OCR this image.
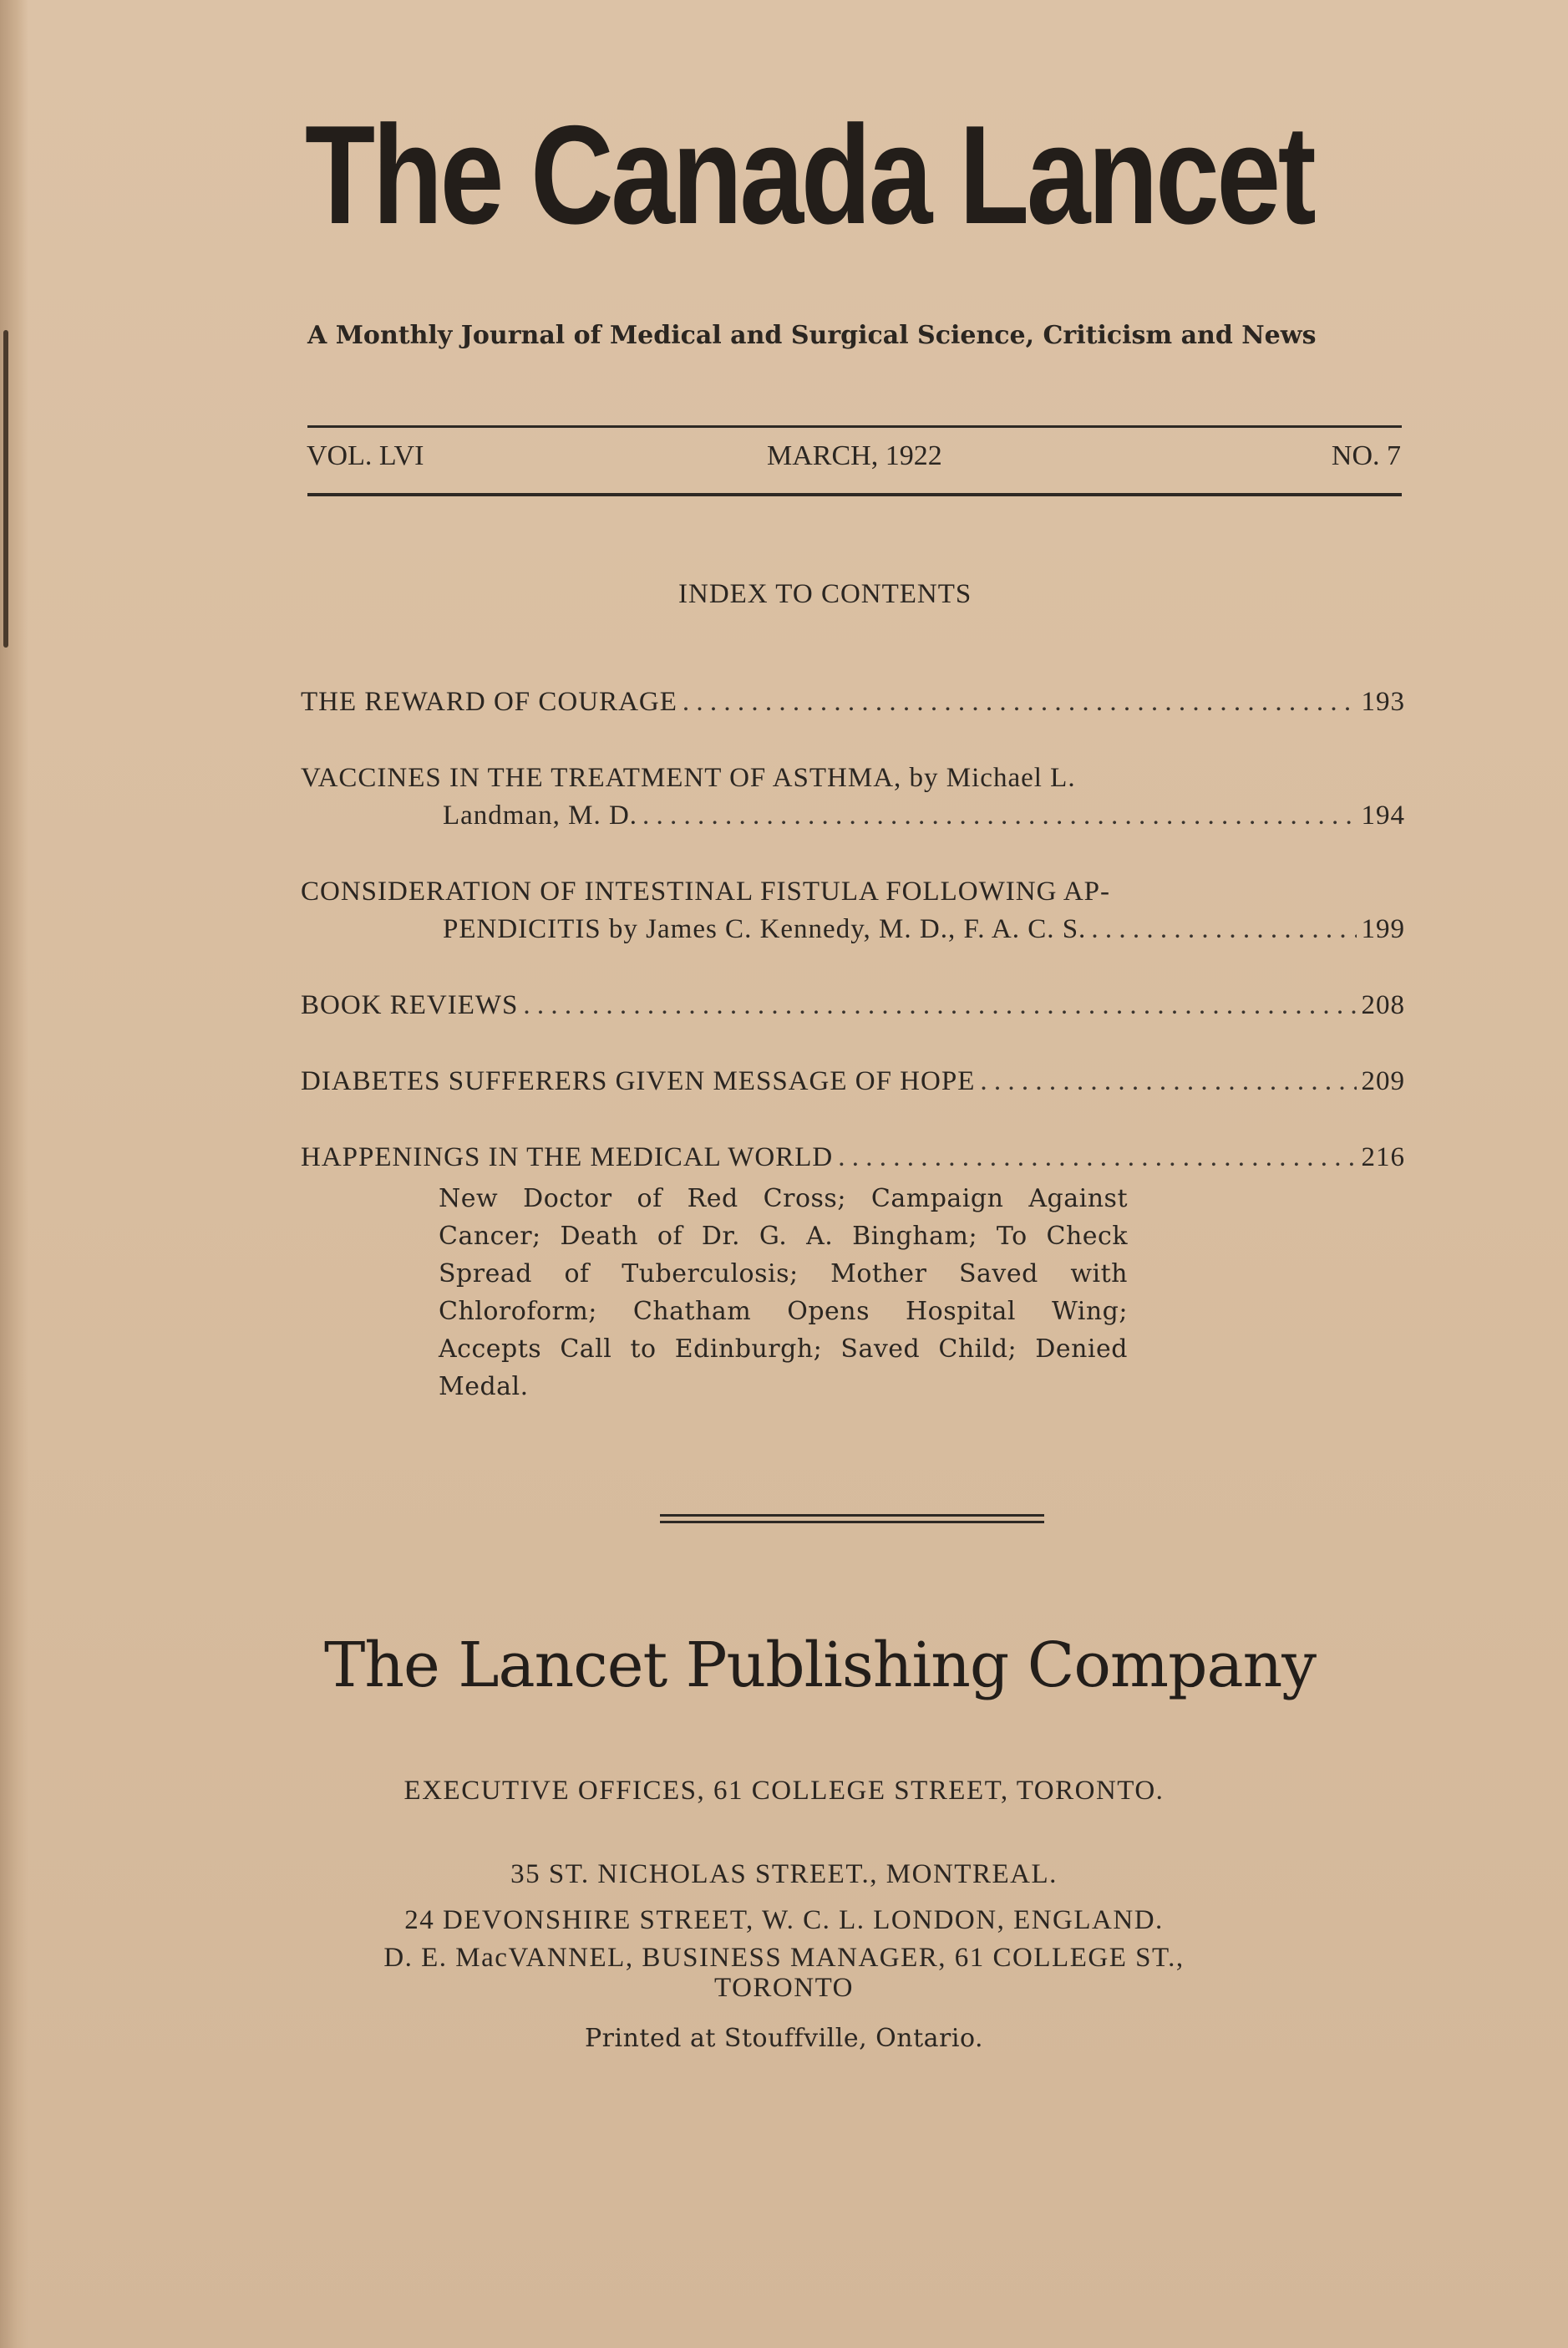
The Canada Lancet
A Monthly Journal of Medical and Surgical Science, Criticism and News
VOL. LVI	MARCH, 1922	NO. 7
INDEX TO CONTENTS
THE REWARD OF COURAGE . . .	193
VACCINES IN THE TREATMENT OF ASTHMA, by Michael L.
Landman, M. D. . . .	194
CONSIDERATION OF INTESTINAL FISTULA FOLLOWING AP-
PENDICITIS by James C. Kennedy, M. D., F. A. C. S. . . .	199
BOOK REVIEWS . . .	208
DIABETES SUFFERERS GIVEN MESSAGE OF HOPE . . .	209
HAPPENINGS IN THE MEDICAL WORLD . . .	216
New Doctor of Red Cross; Campaign Against Cancer; Death of Dr. G. A. Bingham; To Check Spread of Tuberculosis; Mother Saved with Chloroform; Chatham Opens Hospital Wing; Accepts Call to Edinburgh; Saved Child; Denied Medal.
The Lancet Publishing Company
EXECUTIVE OFFICES, 61 COLLEGE STREET, TORONTO.
35 ST. NICHOLAS STREET., MONTREAL.
24 DEVONSHIRE STREET, W. C. L. LONDON, ENGLAND.
D. E. MacVANNEL, BUSINESS MANAGER, 61 COLLEGE ST.,
TORONTO
Printed at Stouffville, Ontario.
